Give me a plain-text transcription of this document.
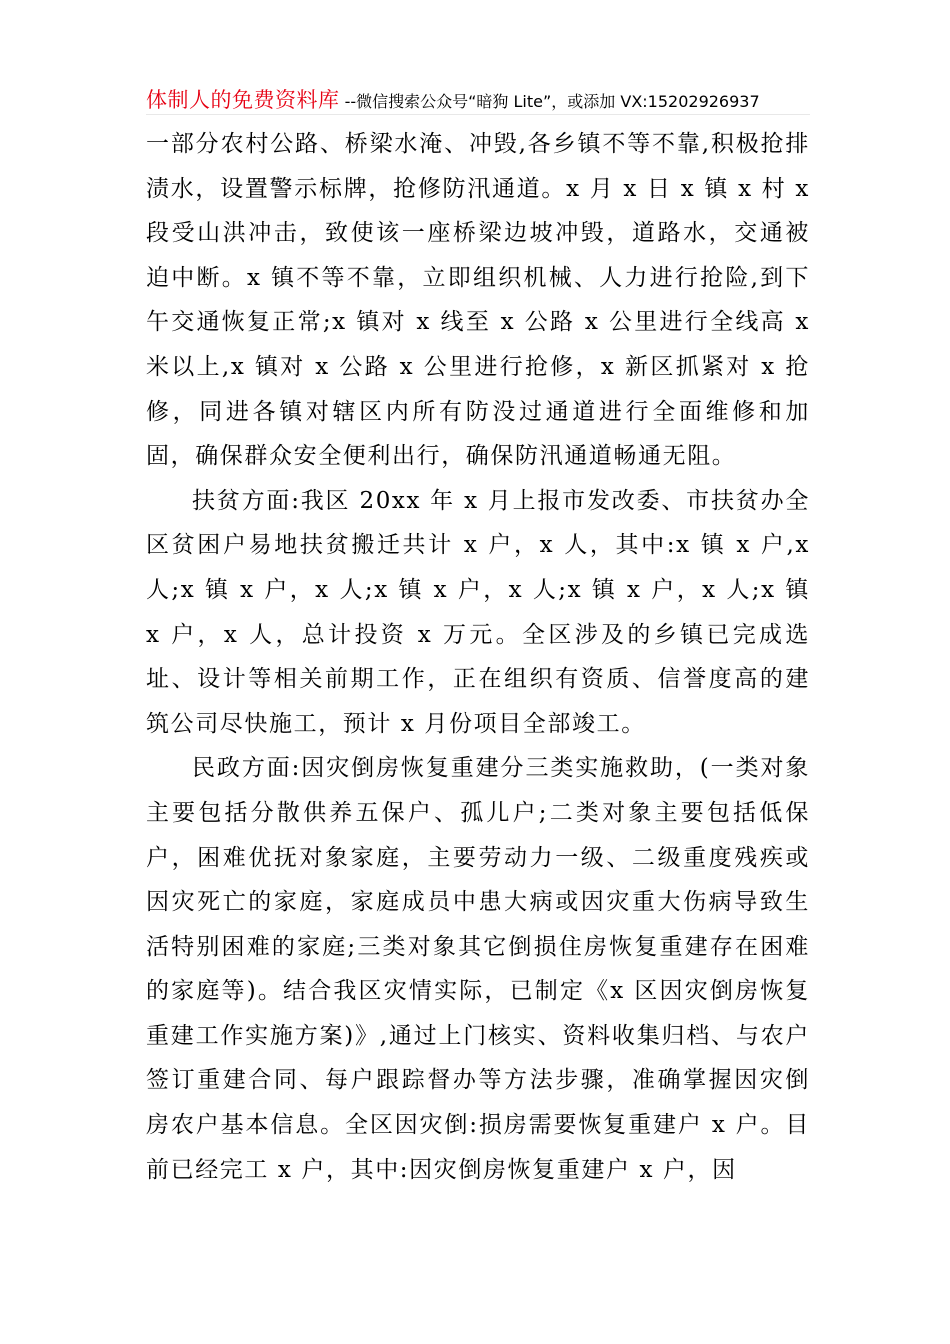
体制人的免费资料库 --微信搜索公众号“暗狗 Lite”，或添加 VX:15202926937

一部分农村公路、桥梁水淹、冲毁,各乡镇不等不靠,积极抢排渍水，设置警示标牌，抢修防汛通道。x 月 x 日 x 镇 x 村 x 段受山洪冲击，致使该一座桥梁边坡冲毁，道路水，交通被迫中断。x 镇不等不靠，立即组织机械、人力进行抢险,到下午交通恢复正常;x 镇对 x 线至 x 公路 x 公里进行全线高 x 米以上,x 镇对 x 公路 x 公里进行抢修，x 新区抓紧对 x 抢修，同进各镇对辖区内所有防没过通道进行全面维修和加固，确保群众安全便利出行，确保防汛通道畅通无阻。

扶贫方面:我区 20xx 年 x 月上报市发改委、市扶贫办全区贫困户易地扶贫搬迁共计 x 户，x 人，其中:x 镇 x 户,x 人;x 镇 x 户，x 人;x 镇 x 户，x 人;x 镇 x 户，x 人;x 镇 x 户，x 人，总计投资 x 万元。全区涉及的乡镇已完成选址、设计等相关前期工作，正在组织有资质、信誉度高的建筑公司尽快施工，预计 x 月份项目全部竣工。

民政方面:因灾倒房恢复重建分三类实施救助，(一类对象主要包括分散供养五保户、孤儿户;二类对象主要包括低保户，困难优抚对象家庭，主要劳动力一级、二级重度残疾或因灾死亡的家庭，家庭成员中患大病或因灾重大伤病导致生活特别困难的家庭;三类对象其它倒损住房恢复重建存在困难的家庭等)。结合我区灾情实际，已制定《x 区因灾倒房恢复重建工作实施方案)》,通过上门核实、资料收集归档、与农户签订重建合同、每户跟踪督办等方法步骤，准确掌握因灾倒房农户基本信息。全区因灾倒:损房需要恢复重建户 x 户。目前已经完工 x 户，其中:因灾倒房恢复重建户 x 户，因
